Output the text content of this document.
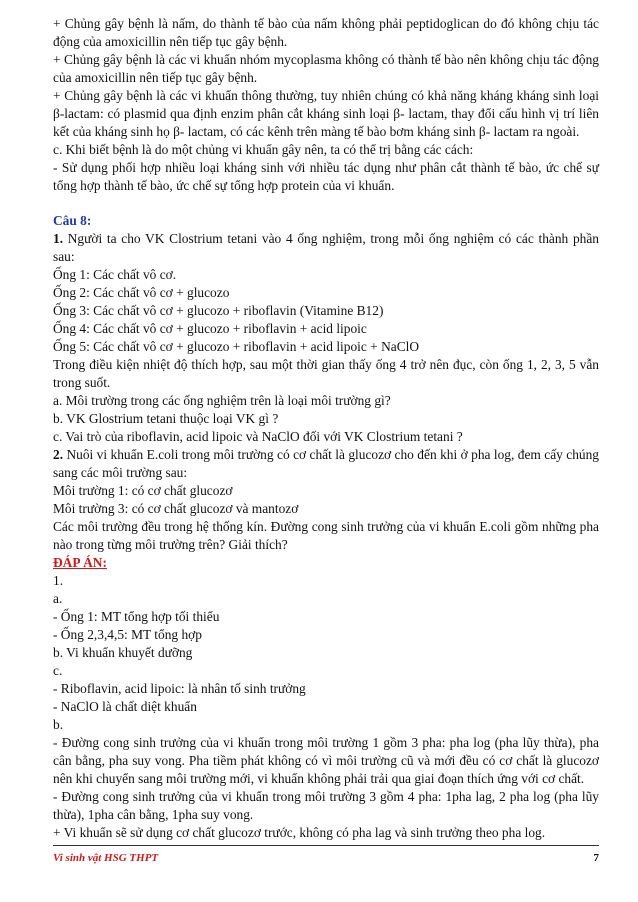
+ Chủng gây bệnh là nấm, do thành tế bào của nấm không phải peptidoglican do đó không chịu tác động của amoxicillin nên tiếp tục gây bệnh.

+ Chủng gây bệnh là các vi khuẩn nhóm mycoplasma không có thành tế bào nên không chịu tác động của amoxicillin nên tiếp tục gây bệnh.

+ Chủng gây bệnh là các vi khuẩn thông thường, tuy nhiên chúng có khả năng kháng kháng sinh loại β-lactam: có plasmid qua định enzim phân cắt kháng sinh loại β- lactam, thay đổi cấu hình vị trí liên kết của kháng sinh họ β- lactam, có các kênh trên màng tế bào bơm kháng sinh β- lactam ra ngoài.

c. Khi biết bệnh là do một chủng vi khuẩn gây nên, ta có thể trị bằng các cách:

- Sử dụng phối hợp nhiều loại kháng sinh với nhiều tác dụng như phân cắt thành tế bào, ức chế sự tổng hợp thành tế bào, ức chế sự tổng hợp protein của vi khuẩn.

Câu 8:

1. Người ta cho VK Clostrium tetani vào 4 ống nghiệm, trong mỗi ống nghiệm có các thành phần sau:

Ống 1: Các chất vô cơ.

Ống 2: Các chất vô cơ + glucozo

Ống 3: Các chất vô cơ + glucozo + riboflavin (Vitamine B12)

Ống 4: Các chất vô cơ + glucozo + riboflavin + acid lipoic

Ống 5: Các chất vô cơ + glucozo + riboflavin + acid lipoic + NaClO

Trong điều kiện nhiệt độ thích hợp, sau một thời gian thấy ống 4 trở nên đục, còn ống 1, 2, 3, 5 vẫn trong suốt.

a. Môi trường trong các ống nghiệm trên là loại môi trường gì?

b. VK Glostrium tetani thuộc loại VK gì ?

c. Vai trò của riboflavin, acid lipoic và NaClO đối với VK Clostrium tetani ?

2. Nuôi vi khuẩn E.coli trong môi trường có cơ chất là glucozơ cho đến khi ở pha log, đem cấy chúng sang các môi trường sau:

Môi trường 1: có cơ chất glucozơ

Môi trường 3: có cơ chất glucozơ và mantozơ

Các môi trường đều trong hệ thống kín. Đường cong sinh trưởng của vi khuẩn E.coli gồm những pha nào trong từng môi trường trên? Giải thích?

ĐÁP ÁN:

1.

a.

- Ống 1: MT tổng hợp tối thiểu

- Ống 2,3,4,5: MT tổng hợp

b. Vi khuẩn khuyết dưỡng

c.

- Riboflavin, acid lipoic: là nhân tố sinh trưởng

- NaClO là chất diệt khuẩn

b.

- Đường cong sinh trưởng của vi khuẩn trong môi trường 1 gồm 3 pha: pha log (pha lũy thừa), pha cân bằng, pha suy vong. Pha tiềm phát không có vì môi trường cũ và mới đều có cơ chất là glucozơ nên khi chuyển sang môi trường mới, vi khuẩn không phải trải qua giai đoạn thích ứng với cơ chất.

- Đường cong sinh trưởng của vi khuẩn trong môi trường 3 gồm 4 pha: 1pha lag, 2 pha log (pha lũy thừa), 1pha cân bằng, 1pha suy vong.

+ Vi khuẩn sẽ sử dụng cơ chất glucozơ trước, không có pha lag và sinh trưởng theo pha log.

Vi sinh vật HSG THPT	7
